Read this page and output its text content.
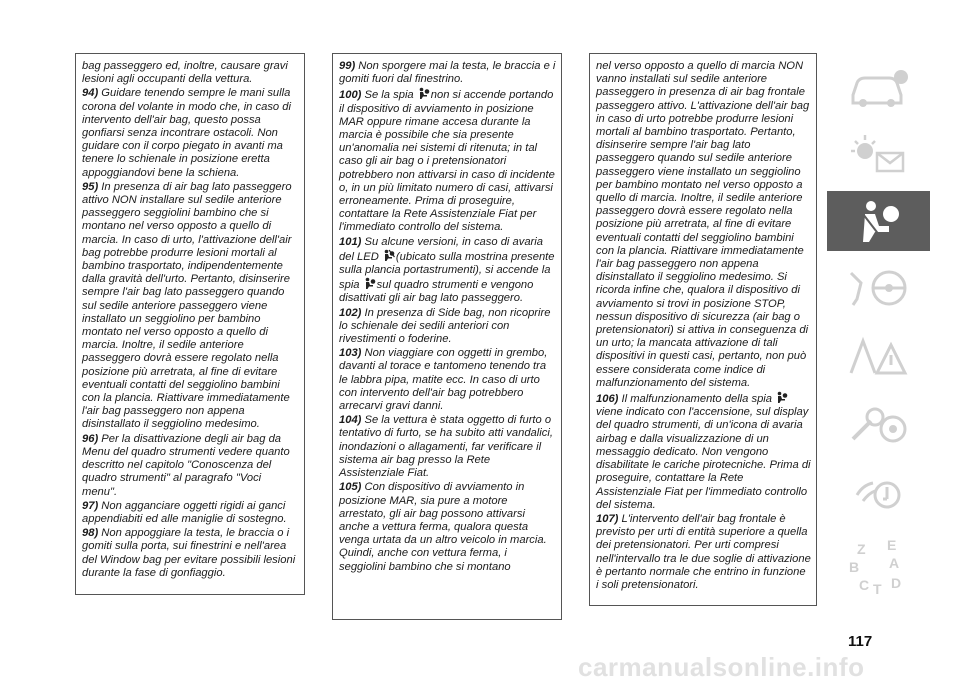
bag passeggero ed, inoltre, causare gravi lesioni agli occupanti della vettura.

94) Guidare tenendo sempre le mani sulla corona del volante in modo che, in caso di intervento dell'air bag, questo possa gonfiarsi senza incontrare ostacoli. Non guidare con il corpo piegato in avanti ma tenere lo schienale in posizione eretta appoggiandovi bene la schiena.

95) In presenza di air bag lato passeggero attivo NON installare sul sedile anteriore passeggero seggiolini bambino che si montano nel verso opposto a quello di marcia. In caso di urto, l'attivazione dell'air bag potrebbe produrre lesioni mortali al bambino trasportato, indipendentemente dalla gravità dell'urto. Pertanto, disinserire sempre l'air bag lato passeggero quando sul sedile anteriore passeggero viene installato un seggiolino per bambino montato nel verso opposto a quello di marcia. Inoltre, il sedile anteriore passeggero dovrà essere regolato nella posizione più arretrata, al fine di evitare eventuali contatti del seggiolino bambini con la plancia. Riattivare immediatamente l'air bag passeggero non appena disinstallato il seggiolino medesimo.

96) Per la disattivazione degli air bag da Menu del quadro strumenti vedere quanto descritto nel capitolo "Conoscenza del quadro strumenti" al paragrafo "Voci menu".

97) Non agganciare oggetti rigidi ai ganci appendiabiti ed alle maniglie di sostegno.

98) Non appoggiare la testa, le braccia o i gomiti sulla porta, sui finestrini e nell'area del Window bag per evitare possibili lesioni durante la fase di gonfiaggio.

99) Non sporgere mai la testa, le braccia e i gomiti fuori dal finestrino.

100) Se la spia non si accende portando il dispositivo di avviamento in posizione MAR oppure rimane accesa durante la marcia è possibile che sia presente un'anomalia nei sistemi di ritenuta; in tal caso gli air bag o i pretensionatori potrebbero non attivarsi in caso di incidente o, in un più limitato numero di casi, attivarsi erroneamente. Prima di proseguire, contattare la Rete Assistenziale Fiat per l'immediato controllo del sistema.

101) Su alcune versioni, in caso di avaria del LED (ubicato sulla mostrina presente sulla plancia portastrumenti), si accende la spia sul quadro strumenti e vengono disattivati gli air bag lato passeggero.

102) In presenza di Side bag, non ricoprire lo schienale dei sedili anteriori con rivestimenti o foderine.

103) Non viaggiare con oggetti in grembo, davanti al torace e tantomeno tenendo tra le labbra pipa, matite ecc. In caso di urto con intervento dell'air bag potrebbero arrecarvi gravi danni.

104) Se la vettura è stata oggetto di furto o tentativo di furto, se ha subito atti vandalici, inondazioni o allagamenti, far verificare il sistema air bag presso la Rete Assistenziale Fiat.

105) Con dispositivo di avviamento in posizione MAR, sia pure a motore arrestato, gli air bag possono attivarsi anche a vettura ferma, qualora questa venga urtata da un altro veicolo in marcia. Quindi, anche con vettura ferma, i seggiolini bambino che si montano

nel verso opposto a quello di marcia NON vanno installati sul sedile anteriore passeggero in presenza di air bag frontale passeggero attivo. L'attivazione dell'air bag in caso di urto potrebbe produrre lesioni mortali al bambino trasportato. Pertanto, disinserire sempre l'air bag lato passeggero quando sul sedile anteriore passeggero viene installato un seggiolino per bambino montato nel verso opposto a quello di marcia. Inoltre, il sedile anteriore passeggero dovrà essere regolato nella posizione più arretrata, al fine di evitare eventuali contatti del seggiolino bambini con la plancia. Riattivare immediatamente l'air bag passeggero non appena disinstallato il seggiolino medesimo. Si ricorda infine che, qualora il dispositivo di avviamento si trovi in posizione STOP, nessun dispositivo di sicurezza (air bag o pretensionatori) si attiva in conseguenza di un urto; la mancata attivazione di tali dispositivi in questi casi, pertanto, non può essere considerata come indice di malfunzionamento del sistema.

106) Il malfunzionamento della spia viene indicato con l'accensione, sul display del quadro strumenti, di un'icona di avaria airbag e dalla visualizzazione di un messaggio dedicato. Non vengono disabilitate le cariche pirotecniche. Prima di proseguire, contattare la Rete Assistenziale Fiat per l'immediato controllo del sistema.

107) L'intervento dell'air bag frontale è previsto per urti di entità superiore a quella dei pretensionatori. Per urti compresi nell'intervallo tra le due soglie di attivazione è pertanto normale che entrino in funzione i soli pretensionatori.

Z E
B A
C T D
117
carmanualsonline.info
